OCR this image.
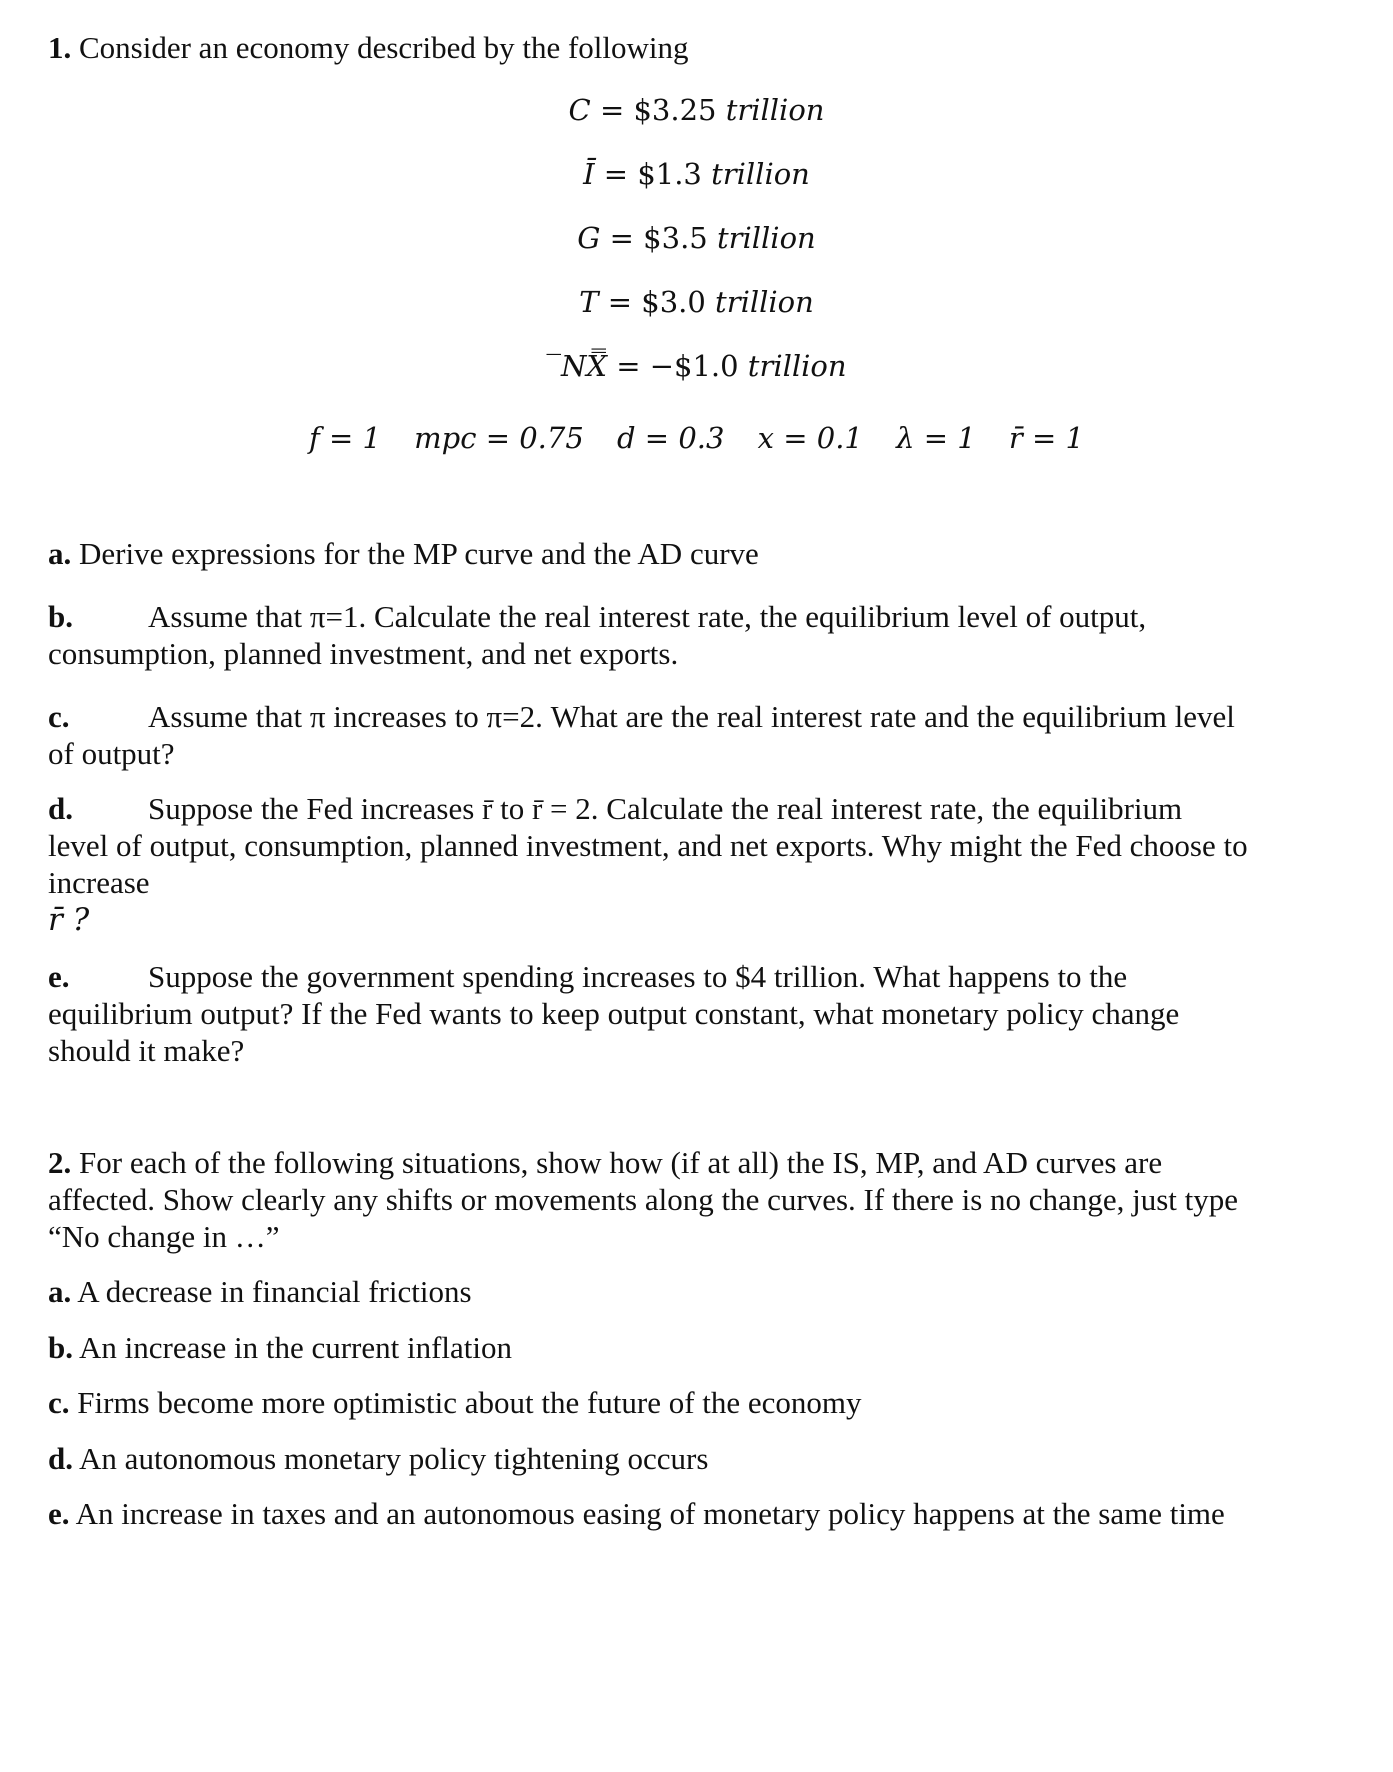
1. Consider an economy described by the following
C = $3.25 trillion
Ī = $1.3 trillion
G = $3.5 trillion
T = $3.0 trillion
‾NX̿ = −$1.0 trillion
f = 1 mpc = 0.75 d = 0.3 x = 0.1 λ = 1 r̄ = 1
a. Derive expressions for the MP curve and the AD curve
b. Assume that π=1. Calculate the real interest rate, the equilibrium level of output,
consumption, planned investment, and net exports.
c.	Assume that π increases to π=2. What are the real interest rate and the equilibrium level
of output?
d. Suppose the Fed increases r̄ to r̄ = 2. Calculate the real interest rate, the equilibrium
level of output, consumption, planned investment, and net exports. Why might the Fed choose to
increase
r̄ ?
e.	Suppose the government spending increases to $4 trillion. What happens to the
equilibrium output? If the Fed wants to keep output constant, what monetary policy change
should it make?
2. For each of the following situations, show how (if at all) the IS, MP, and AD curves are
affected. Show clearly any shifts or movements along the curves. If there is no change, just type
“No change in …”
a. A decrease in financial frictions
b. An increase in the current inflation
c. Firms become more optimistic about the future of the economy
d. An autonomous monetary policy tightening occurs
e. An increase in taxes and an autonomous easing of monetary policy happens at the same time
